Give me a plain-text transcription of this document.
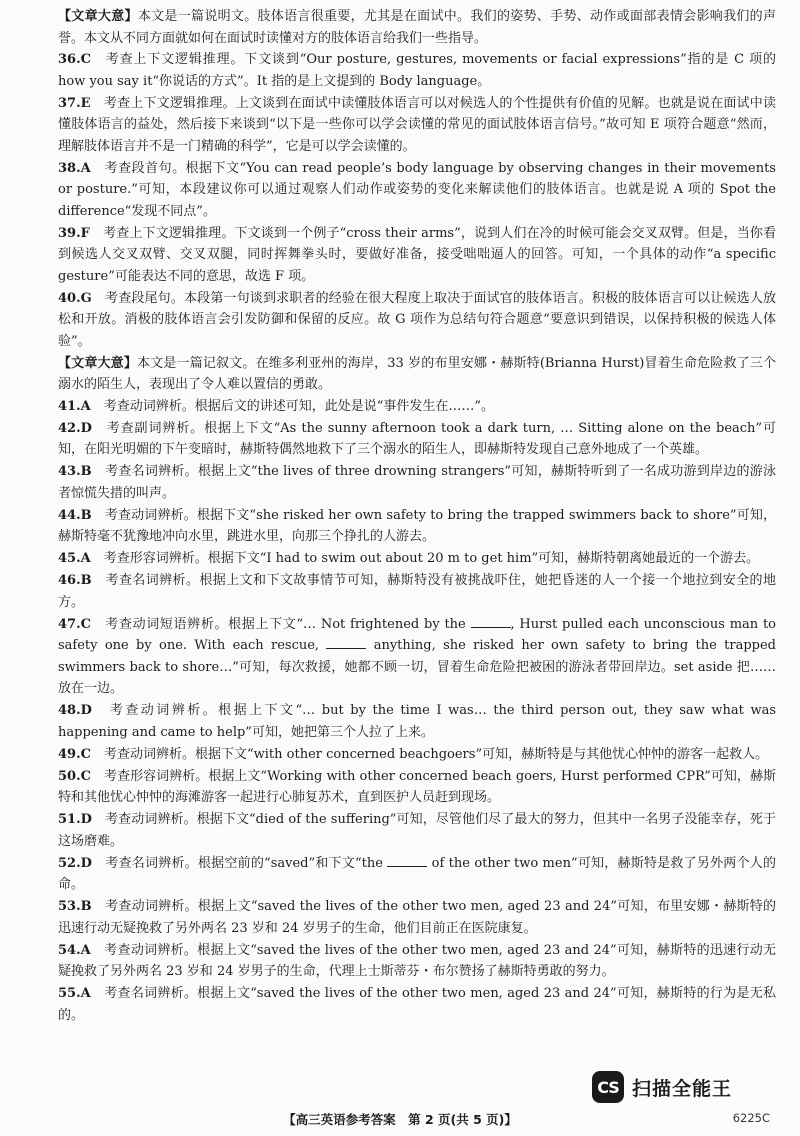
【文章大意】本文是一篇说明文。肢体语言很重要，尤其是在面试中。我们的姿势、手势、动作或面部表情会影响我们的声誉。本文从不同方面就如何在面试时读懂对方的肢体语言给我们一些指导。

36.C　 考查上下文逻辑推理。下文谈到“Our posture, gestures, movements or facial expressions”指的是 C 项的 how you say it“你说话的方式”。It 指的是上文提到的 Body language。

37.E　 考查上下文逻辑推理。上文谈到在面试中读懂肢体语言可以对候选人的个性提供有价值的见解。也就是说在面试中读懂肢体语言的益处，然后接下来谈到“以下是一些你可以学会读懂的常见的面试肢体语言信号。”故可知 E 项符合题意“然而，理解肢体语言并不是一门精确的科学”，它是可以学会读懂的。

38.A　 考查段首句。根据下文“You can read people’s body language by observing changes in their movements or posture.”可知，本段建议你可以通过观察人们动作或姿势的变化来解读他们的肢体语言。也就是说 A 项的 Spot the difference“发现不同点”。

39.F　 考查上下文逻辑推理。下文谈到一个例子“cross their arms”，说到人们在冷的时候可能会交叉双臂。但是，当你看到候选人交叉双臂、交叉双腿，同时挥舞拳头时，要做好准备，接受咄咄逼人的回答。可知，一个具体的动作“a specific gesture”可能表达不同的意思，故选 F 项。

40.G　 考查段尾句。本段第一句谈到求职者的经验在很大程度上取决于面试官的肢体语言。积极的肢体语言可以让候选人放松和开放。消极的肢体语言会引发防御和保留的反应。故 G 项作为总结句符合题意“要意识到错误，以保持积极的候选人体验”。

【文章大意】本文是一篇记叙文。在维多利亚州的海岸，33 岁的布里安娜・赫斯特(Brianna Hurst)冒着生命危险救了三个溺水的陌生人，表现出了令人难以置信的勇敢。

41.A　 考查动词辨析。根据后文的讲述可知，此处是说“事件发生在……”。

42.D　 考查副词辨析。根据上下文“As the sunny afternoon took a dark turn, … Sitting alone on the beach”可知，在阳光明媚的下午变暗时，赫斯特偶然地救下了三个溺水的陌生人，即赫斯特发现自己意外地成了一个英雄。

43.B　 考查名词辨析。根据上文“the lives of three drowning strangers”可知，赫斯特听到了一名成功游到岸边的游泳者惊慌失措的叫声。

44.B　 考查动词辨析。根据下文“she risked her own safety to bring the trapped swimmers back to shore”可知，赫斯特毫不犹豫地冲向水里，跳进水里，向那三个挣扎的人游去。

45.A　 考查形容词辨析。根据下文“I had to swim out about 20 m to get him”可知，赫斯特朝离她最近的一个游去。

46.B　 考查名词辨析。根据上文和下文故事情节可知，赫斯特没有被挑战吓住，她把昏迷的人一个接一个地拉到安全的地方。

47.C　 考查动词短语辨析。根据上下文“… Not frightened by the	, Hurst pulled each unconscious man to safety one by one. With each rescue,	anything, she risked her own safety to bring the trapped swimmers back to shore…”可知，每次救援，她都不顾一切，冒着生命危险把被困的游泳者带回岸边。set aside 把……放在一边。

48.D　 考查动词辨析。根据上下文“… but by the time I was… the third person out, they saw what was happening and came to help”可知，她把第三个人拉了上来。

49.C　 考查动词辨析。根据下文“with other concerned beachgoers”可知，赫斯特是与其他忧心忡忡的游客一起救人。

50.C　 考查形容词辨析。根据上文“Working with other concerned beach goers, Hurst performed CPR”可知，赫斯特和其他忧心忡忡的海滩游客一起进行心肺复苏术，直到医护人员赶到现场。

51.D　 考查动词辨析。根据下文“died of the suffering”可知，尽管他们尽了最大的努力，但其中一名男子没能幸存，死于这场磨难。

52.D　 考查名词辨析。根据空前的“saved”和下文“the	of the other two men”可知，赫斯特是救了另外两个人的命。

53.B　 考查动词辨析。根据上文“saved the lives of the other two men, aged 23 and 24”可知，布里安娜・赫斯特的迅速行动无疑挽救了另外两名 23 岁和 24 岁男子的生命，他们目前正在医院康复。

54.A　 考查动词辨析。根据上文“saved the lives of the other two men, aged 23 and 24”可知，赫斯特的迅速行动无疑挽救了另外两名 23 岁和 24 岁男子的生命，代理上士斯蒂芬・布尔赞扬了赫斯特勇敢的努力。

55.A　 考查名词辨析。根据上文“saved the lives of the other two men, aged 23 and 24”可知，赫斯特的行为是无私的。

CS 扫描全能王
【高三英语参考答案　第 2 页(共 5 页)】	6225C
